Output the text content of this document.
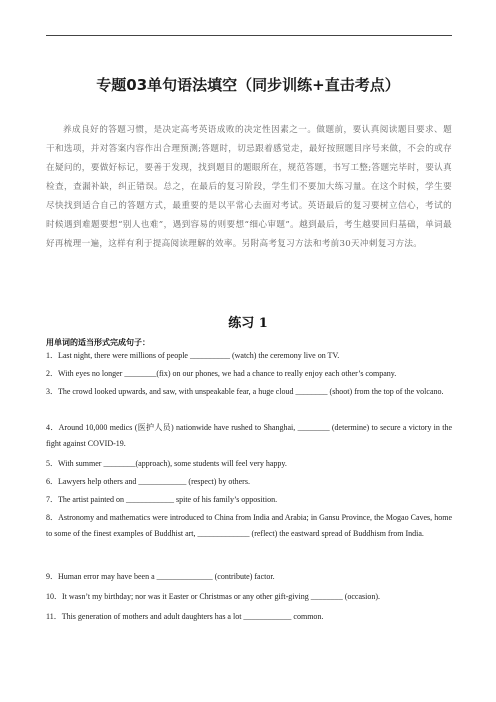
专题03单句语法填空（同步训练+直击考点）
养成良好的答题习惯，是决定高考英语成败的决定性因素之一。做题前，要认真阅读题目要求、题干和选项，并对答案内容作出合理预测;答题时，切忌跟着感觉走，最好按照题目序号来做，不会的或存在疑问的，要做好标记，要善于发现，找到题目的题眼所在，规范答题，书写工整;答题完毕时，要认真检查，查漏补缺，纠正错误。总之，在最后的复习阶段，学生们不要加大练习量。在这个时候，学生要尽快找到适合自己的答题方式，最重要的是以平常心去面对考试。英语最后的复习要树立信心，考试的时候遇到难题要想“别人也难”，遇到容易的则要想“细心审题”。越到最后，考生越要回归基础，单词最好再梳理一遍，这样有利于提高阅读理解的效率。另附高考复习方法和考前30天冲刺复习方法。
练习 1
用单词的适当形式完成句子：
1．Last night, there were millions of people __________ (watch) the ceremony live on TV.
2．With eyes no longer ________(fix) on our phones, we had a chance to really enjoy each other’s company.
3．The crowd looked upwards, and saw, with unspeakable fear, a huge cloud ________ (shoot) from the top of the volcano.
4．Around 10,000 medics (医护人员) nationwide have rushed to Shanghai, ________ (determine) to secure a victory in the fight against COVID-19.
5．With summer ________(approach), some students will feel very happy.
6．Lawyers help others and ____________ (respect) by others.
7．The artist painted on ____________ spite of his family’s opposition.
8．Astronomy and mathematics were introduced to China from India and Arabia; in Gansu Province, the Mogao Caves, home to some of the finest examples of Buddhist art, _____________ (reflect) the eastward spread of Buddhism from India.
9．Human error may have been a ______________ (contribute) factor.
10．It wasn’t my birthday; nor was it Easter or Christmas or any other gift-giving ________ (occasion).
11．This generation of mothers and adult daughters has a lot ____________ common.
